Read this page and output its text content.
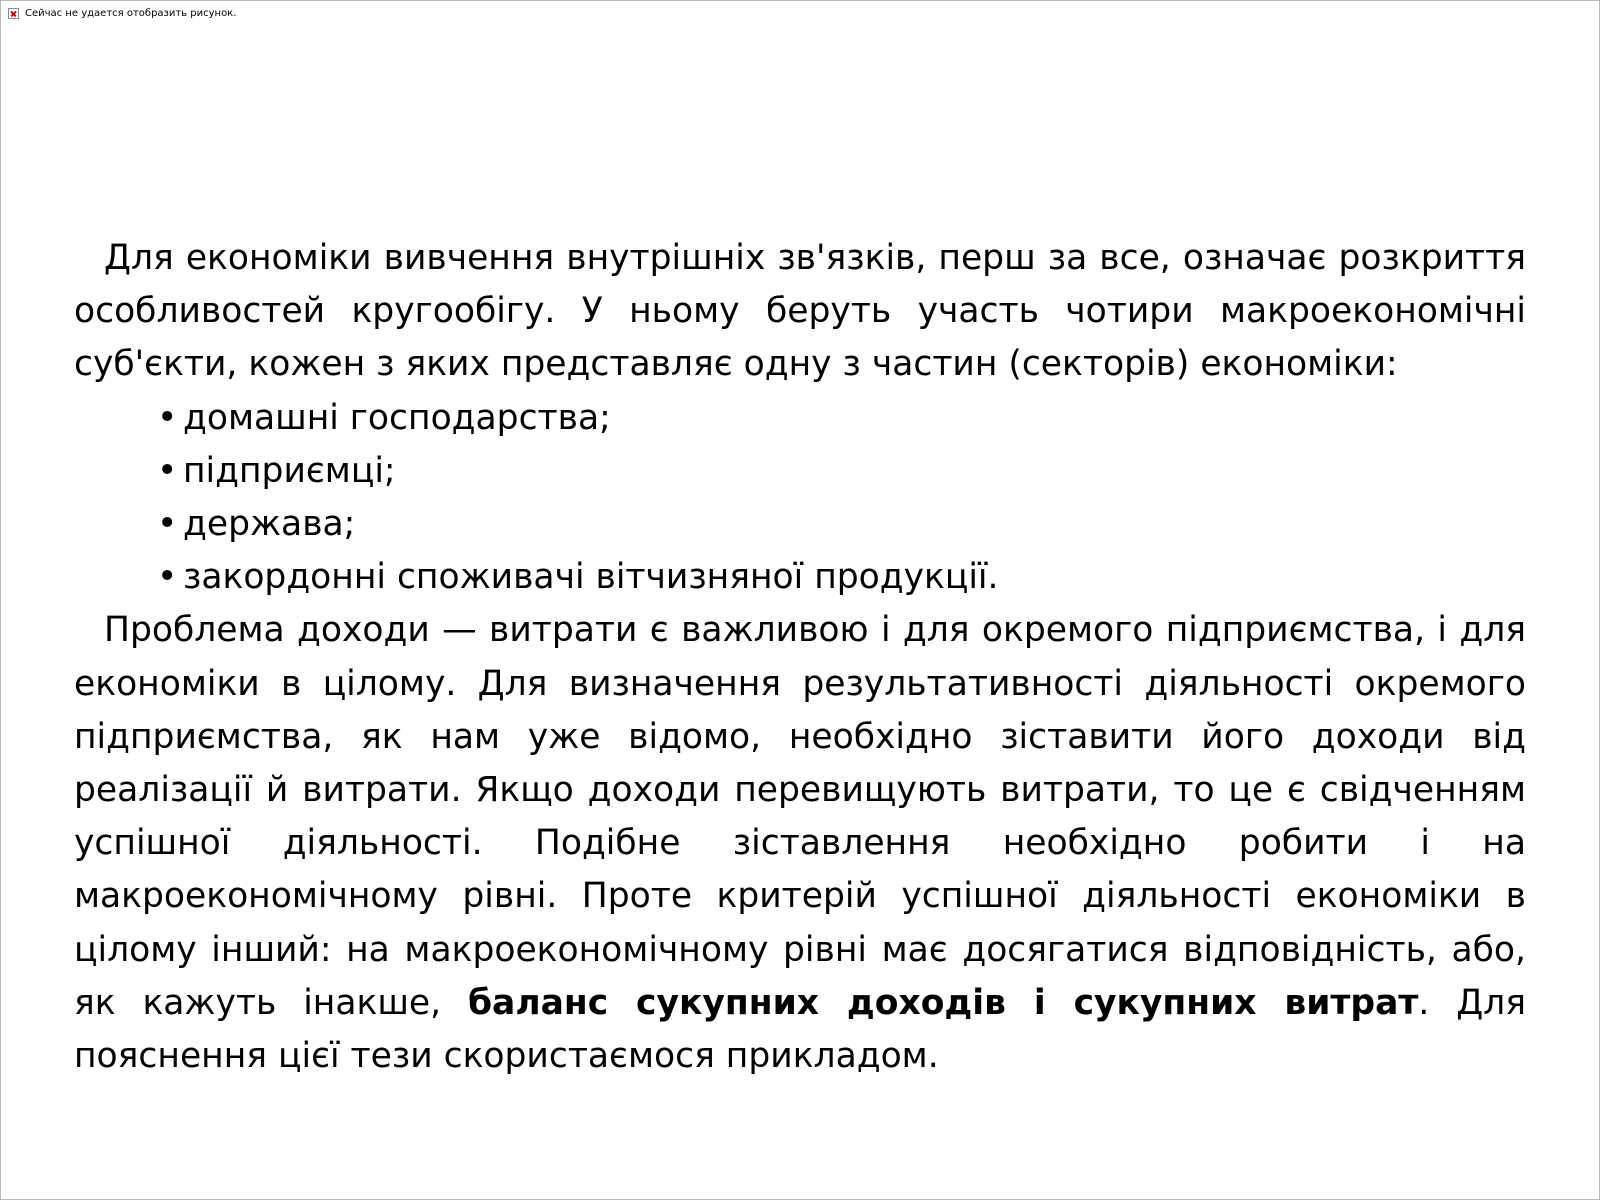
Сейчас не удается отобразить рисунок.

Для економіки вивчення внутрішніх зв'язків, перш за все, означає розкриття особливостей кругообігу. У ньому беруть участь чотири макроекономічні суб'єкти, кожен з яких представляє одну з частин (секторів) економіки:

• домашні господарства;
• підприємці;
• держава;
• закордонні споживачі вітчизняної продукції.

Проблема доходи — витрати є важливою і для окремого підприємства, і для економіки в цілому. Для визначення результативності діяльності окремого підприємства, як нам уже відомо, необхідно зіставити його доходи від реалізації й витрати. Якщо доходи перевищують витрати, то це є свідченням успішної діяльності. Подібне зіставлення необхідно робити і на макроекономічному рівні. Проте критерій успішної діяльності економіки в цілому інший: на макроекономічному рівні має досягатися відповідність, або, як кажуть інакше, баланс сукупних доходів і сукупних витрат. Для пояснення цієї тези скористаємося прикладом.
